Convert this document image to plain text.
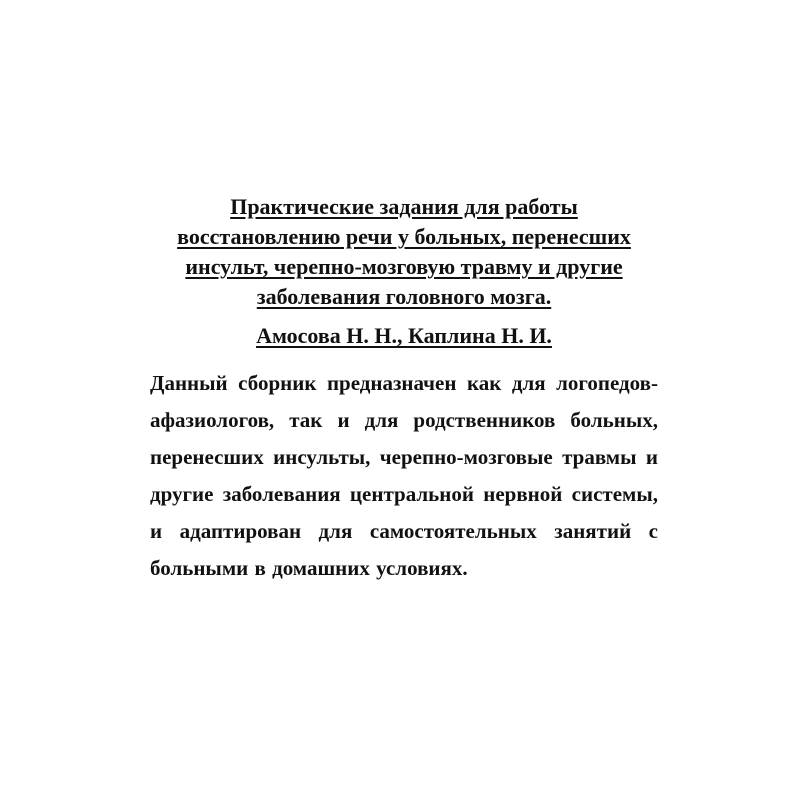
Практические задания для работы
восстановлению речи у больных, перенесших
инсульт, черепно-мозговую травму и другие
заболевания головного мозга.
Амосова Н. Н., Каплина Н. И.
Данный сборник предназначен как для логопедов-
афазиологов, так и для родственников больных,
перенесших инсульты, черепно-мозговые травмы и
другие заболевания центральной нервной системы,
и адаптирован для самостоятельных занятий с
больными в домашних условиях.
